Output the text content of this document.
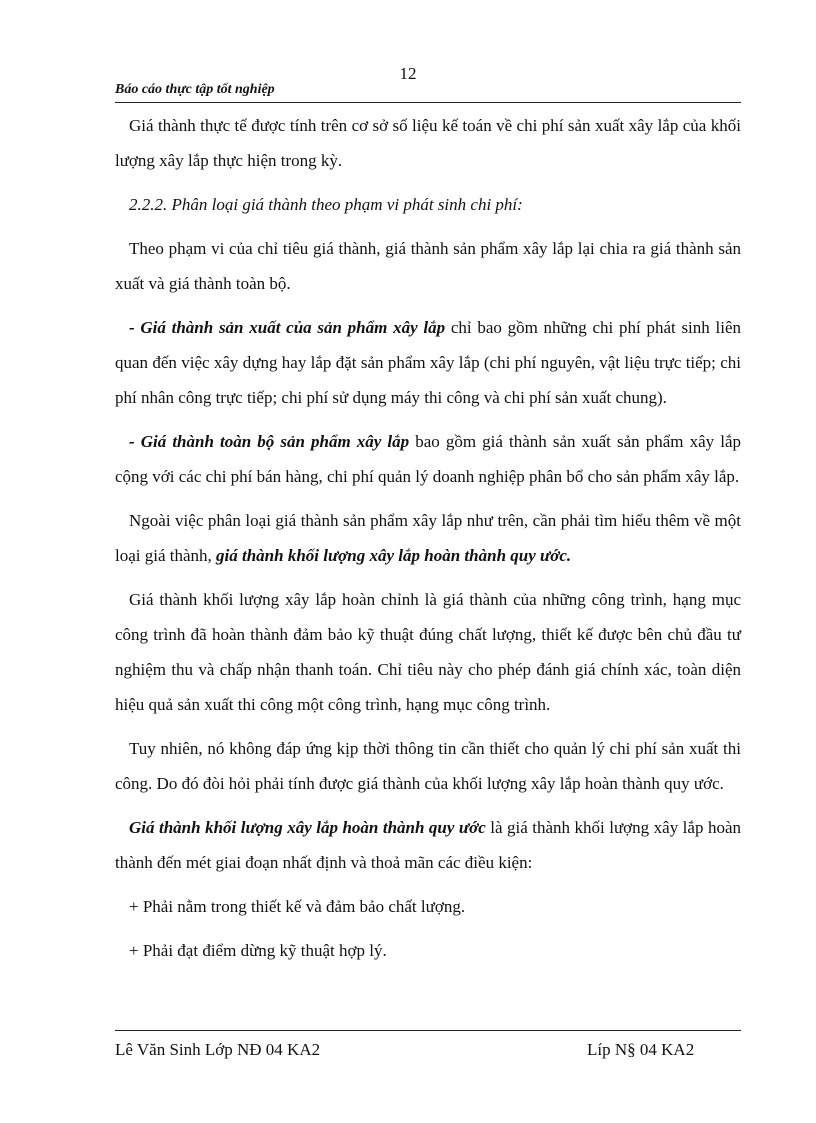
12
Báo cáo thực tập tốt nghiệp

Giá thành thực tế được tính trên cơ sở số liệu kế toán về chi phí sản xuất xây lắp của khối lượng xây lắp thực hiện trong kỳ.

2.2.2. Phân loại giá thành theo phạm vi phát sinh chi phí:

Theo phạm vi của chỉ tiêu giá thành, giá thành sản phẩm xây lắp lại chia ra giá thành sản xuất và giá thành toàn bộ.

- Giá thành sản xuất của sản phẩm xây lắp chỉ bao gồm những chi phí phát sinh liên quan đến việc xây dựng hay lắp đặt sản phẩm xây lắp (chi phí nguyên, vật liệu trực tiếp; chi phí nhân công trực tiếp; chi phí sử dụng máy thi công và chi phí sản xuất chung).

- Giá thành toàn bộ sản phẩm xây lắp bao gồm giá thành sản xuất sản phẩm xây lắp cộng với các chi phí bán hàng, chi phí quản lý doanh nghiệp phân bổ cho sản phẩm xây lắp.

Ngoài việc phân loại giá thành sản phẩm xây lắp như trên, cần phải tìm hiểu thêm về một loại giá thành, giá thành khối lượng xây lắp hoàn thành quy ước.

Giá thành khối lượng xây lắp hoàn chỉnh là giá thành của những công trình, hạng mục công trình đã hoàn thành đảm bảo kỹ thuật đúng chất lượng, thiết kế được bên chủ đầu tư nghiệm thu và chấp nhận thanh toán. Chỉ tiêu này cho phép đánh giá chính xác, toàn diện hiệu quả sản xuất thi công một công trình, hạng mục công trình.

Tuy nhiên, nó không đáp ứng kịp thời thông tin cần thiết cho quản lý chi phí sản xuất thi công. Do đó đòi hỏi phải tính được giá thành của khối lượng xây lắp hoàn thành quy ước.

Giá thành khối lượng xây lắp hoàn thành quy ước là giá thành khối lượng xây lắp hoàn thành đến mét giai đoạn nhất định và thoả mãn các điều kiện:

+ Phải nằm trong thiết kế và đảm bảo chất lượng.

+ Phải đạt điểm dừng kỹ thuật hợp lý.

Lê Văn Sinh Lớp NĐ 04 KA2	Líp N§ 04 KA2
